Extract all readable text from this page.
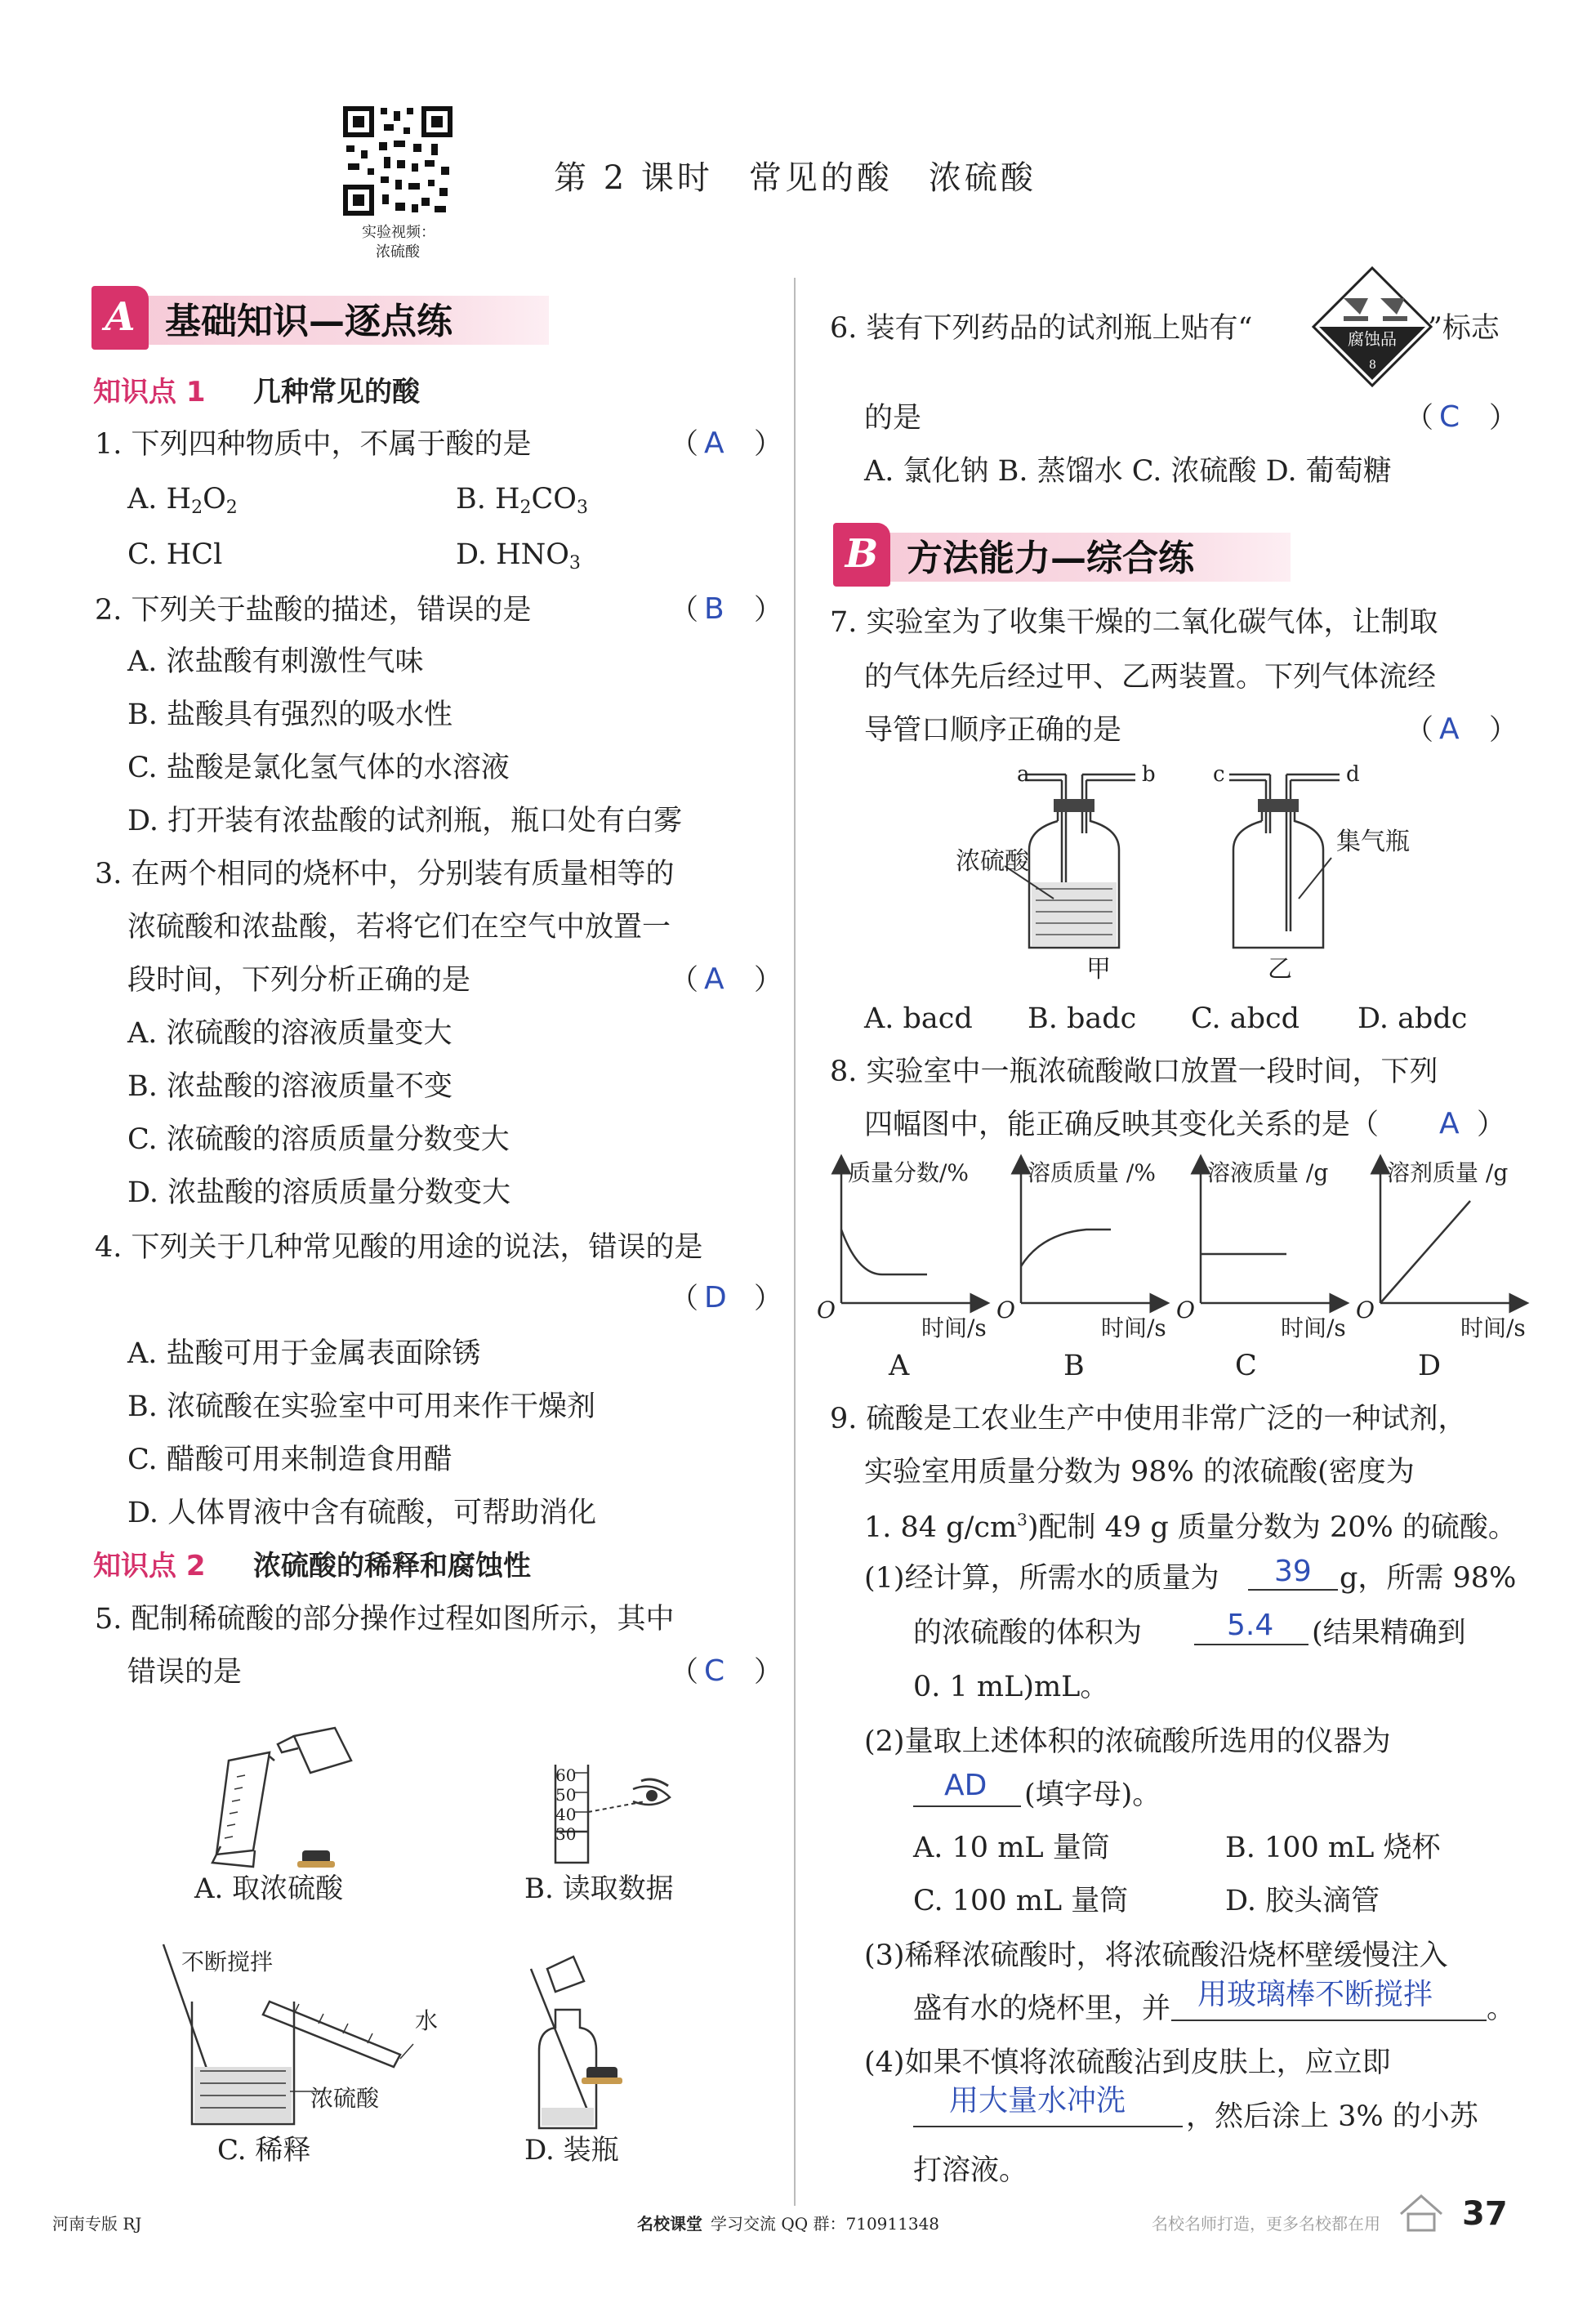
实验视频：
浓硫酸
第 2 课时　常见的酸　浓硫酸
A 基础知识—逐点练
知识点 1 几种常见的酸
1. 下列四种物质中，不属于酸的是	（ ）
A
A. $H_2O_2$	B. $H_2CO_3$
C. HCl	D. $HNO_3$
2. 下列关于盐酸的描述，错误的是	（ ）
B
A. 浓盐酸有刺激性气味
B. 盐酸具有强烈的吸水性
C. 盐酸是氯化氢气体的水溶液
D. 打开装有浓盐酸的试剂瓶，瓶口处有白雾
3. 在两个相同的烧杯中，分别装有质量相等的
浓硫酸和浓盐酸，若将它们在空气中放置一
段时间，下列分析正确的是	（ ）
A
A. 浓硫酸的溶液质量变大
B. 浓盐酸的溶液质量不变
C. 浓硫酸的溶质质量分数变大
D. 浓盐酸的溶质质量分数变大
4. 下列关于几种常见酸的用途的说法，错误的是
（ ）
D
A. 盐酸可用于金属表面除锈
B. 浓硫酸在实验室中可用来作干燥剂
C. 醋酸可用来制造食用醋
D. 人体胃液中含有硫酸，可帮助消化
知识点 2 浓硫酸的稀释和腐蚀性
5. 配制稀硫酸的部分操作过程如图所示，其中
错误的是	（ ）
C
A. 取浓硫酸
60
50
40
30
B. 读取数据
不断搅拌
水
浓硫酸
C. 稀释	D. 装瓶
6. 装有下列药品的试剂瓶上贴有“	腐蚀品
8
”标志
的是	（ ）
C
A. 氯化钠 B. 蒸馏水 C. 浓硫酸 D. 葡萄糖
B 方法能力—综合练
7. 实验室为了收集干燥的二氧化碳气体，让制取
的气体先后经过甲、乙两装置。下列气体流经
导管口顺序正确的是	（ ）
A
a	b	c	d
浓硫酸
集气瓶
甲	乙
A. bacd B. badc C. abcd D. abdc
8. 实验室中一瓶浓硫酸敞口放置一段时间，下列
四幅图中，能正确反映其变化关系的是（ A ）
质量分数/%	溶质质量 /% 溶液质量 /g	溶剂质量 /g
O	O	O	O
时间/s	时间/s	时间/s	时间/s
A	B	C	D
9. 硫酸是工农业生产中使用非常广泛的一种试剂，
实验室用质量分数为 98% 的浓硫酸(密度为
1. 84 $g/cm^3$)配制 49 g 质量分数为 20% 的硫酸。
(1)经计算，所需水的质量为 39 g，所需 98%
的浓硫酸的体积为	5.4 (结果精确到
0. 1 mL)mL。
(2)量取上述体积的浓硫酸所选用的仪器为
AD (填字母)。
A. 10 mL 量筒	B. 100 mL 烧杯
C. 100 mL 量筒	D. 胶头滴管
(3)稀释浓硫酸时，将浓硫酸沿烧杯壁缓慢注入
盛有水的烧杯里，并 用玻璃棒不断搅拌 。
(4)如果不慎将浓硫酸沾到皮肤上，应立即
用大量水冲洗 ，然后涂上 3% 的小苏
打溶液。
河南专版 RJ	名校课堂 学习交流 QQ 群：710911348	名校名师打造，更多名校都在用	37
